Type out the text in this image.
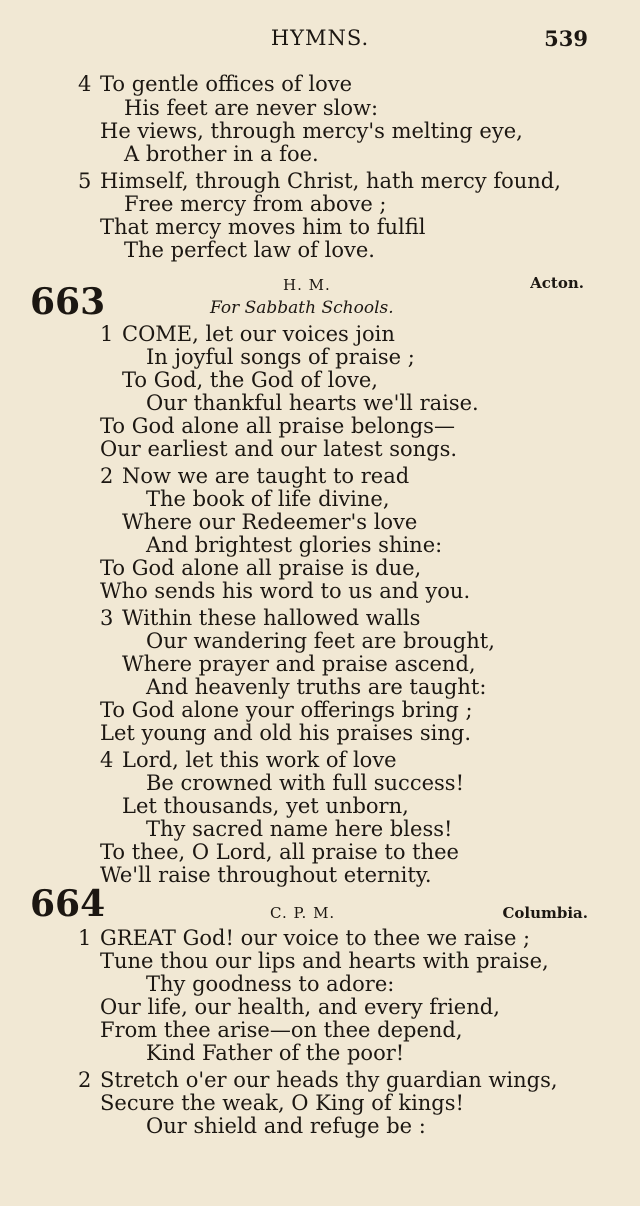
HYMNS.	539
4 To gentle offices of love
His feet are never slow:
He views, through mercy's melting eye,
A brother in a foe.
5 Himself, through Christ, hath mercy found,
Free mercy from above ;
That mercy moves him to fulfil
The perfect law of love.
663	H. M.	Acton.
For Sabbath Schools.
1 COME, let our voices join
In joyful songs of praise ;
To God, the God of love,
Our thankful hearts we'll raise.
To God alone all praise belongs—
Our earliest and our latest songs.
2 Now we are taught to read
The book of life divine,
Where our Redeemer's love
And brightest glories shine:
To God alone all praise is due,
Who sends his word to us and you.
3 Within these hallowed walls
Our wandering feet are brought,
Where prayer and praise ascend,
And heavenly truths are taught:
To God alone your offerings bring ;
Let young and old his praises sing.
4 Lord, let this work of love
Be crowned with full success!
Let thousands, yet unborn,
Thy sacred name here bless!
To thee, O Lord, all praise to thee
We'll raise throughout eternity.
664	C. P. M.	Columbia.
1 GREAT God! our voice to thee we raise ;
Tune thou our lips and hearts with praise,
Thy goodness to adore:
Our life, our health, and every friend,
From thee arise—on thee depend,
Kind Father of the poor!
2 Stretch o'er our heads thy guardian wings,
Secure the weak, O King of kings!
Our shield and refuge be :
